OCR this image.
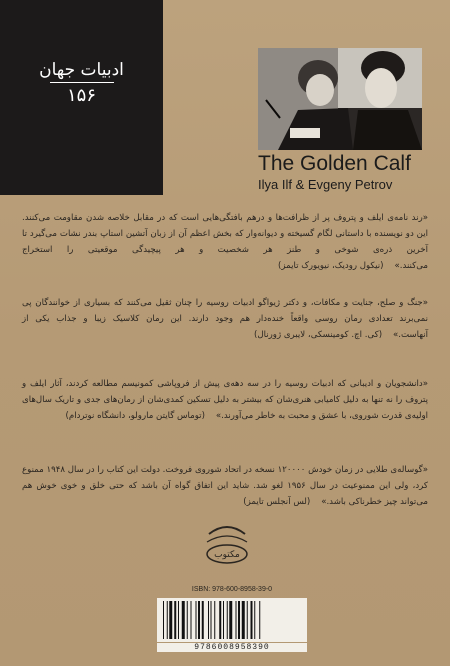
ادبیات جهان
۱۵۶
The Golden Calf
Ilya Ilf & Evgeny Petrov

«رند نامه‌ی ایلف و پتروف پر از ظرافت‌ها و درهم بافتگی‌هایی است که در مقابل خلاصه شدن مقاومت می‌کنند. این دو نویسنده با داستانی لگام گسیخته و دیوانه‌وار که بخش اعظم آن از زبان آتشین استاپ بندر نشات می‌گیرد تا آخرین ذره‌ی شوخی و طنز هر شخصیت و هر پیچیدگی موقعیتی را استخراج می‌کنند.»    (نیکول رودیک، نیویورک تایمز)

«جنگ و صلح، جنایت و مکافات، و دکتر ژیواگو ادبیات روسیه را چنان ثقیل می‌کنند که بسیاری از خوانندگان پی نمی‌برند تعدادی رمان روسی واقعاً خنده‌دار هم وجود دارند. این رمان کلاسیک زیبا و جذاب یکی از آنهاست.»    (کی. اچ. کومینسکی، لایبری ژورنال)

«دانشجویان و ادیبانی که ادبیات روسیه را در سه دهه‌ی پیش از فروپاشی کمونیسم مطالعه کردند، آثار ایلف و پتروف را نه تنها به دلیل کامیابی هنری‌شان که بیشتر به دلیل تسکین کمدی‌شان از رمان‌های جدی و تاریک سال‌های اولیه‌ی قدرت شوروی، با عشق و محبت به خاطر می‌آورند.»    (توماس گایتن مارولو، دانشگاه نوتردام)

«گوساله‌ی طلایی در زمان خودش ۱۲۰۰۰۰ نسخه در اتحاد شوروی فروخت. دولت این کتاب را در سال ۱۹۴۸ ممنوع کرد، ولی این ممنوعیت در سال ۱۹۵۶ لغو شد. شاید این اتفاق گواه آن باشد که حتی خلق و خوی خوش هم می‌تواند چیز خطرناکی باشد.»    (لس آنجلس تایمز)

مکتوب
ISBN: 978-600-8958-39-0
9786008958390
